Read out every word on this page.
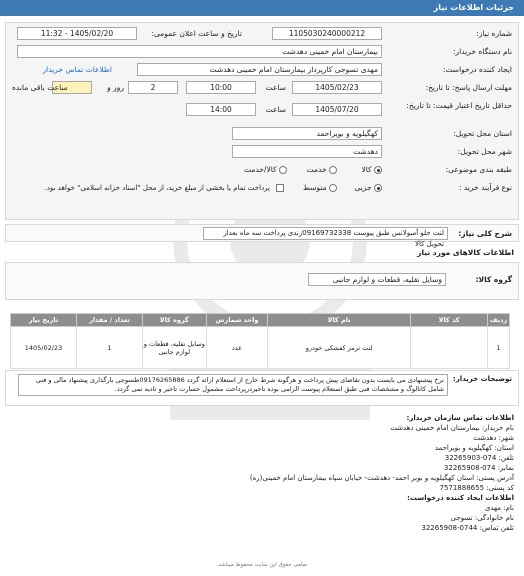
جزئیات اطلاعات نیاز
شماره نیاز:
1105030240000212
تاریخ و ساعت اعلان عمومی:
1405/02/20 - 11:32
نام دستگاه خریدار:
بیمارستان امام خمینی دهدشت
ایجاد کننده درخواست:
مهدی تسوجی کارپرداز بیمارستان امام خمینی دهدشت
اطلاعات تماس خریدار
مهلت ارسال پاسخ: تا تاریخ:
1405/02/23
ساعت
10:00
2
روز و
ساعت باقی مانده
حداقل تاریخ اعتبار قیمت: تا تاریخ:
1405/07/20
ساعت
14:00
استان محل تحویل:
کهگیلویه و بویراحمد
شهر محل تحویل:
دهدشت
طبقه بندی موضوعی:
کالا
خدمت
کالا/خدمت
نوع فرآیند خرید :
جزیی
متوسط
پرداخت تمام یا بخشی از مبلغ خرید، از محل "اسناد خزانه اسلامی" خواهد بود.
شرح کلی نیاز:
لنت جلو آمبولانس طبق پیوست 09169732338زندی پرداخت سه ماه بعداز تحویل کالا
اطلاعات کالاهای مورد نیاز
گروه کالا:
وسایل نقلیه، قطعات و لوازم جانبی
ردیف	کد کالا	نام کالا	واحد شمارش	گروه کالا	تعداد / مقدار	تاریخ نیاز
1		لنت ترمز کفشکی خودرو	عدد	وسایل نقلیه، قطعات و لوازم جانبی	1	1405/02/23
توضیحات خریدار:
نرخ پیشنهادی می بایست بدون تقاضای پیش پرداخت و هرگونه شرط خارج از استعلام ارائه گردد 09176265886طسوجی بارگذاری پیشنهاد مالی و فنی شامل کاتالوگ و مشخصات فنی طبق استعلام پیوست الزامی بوده تاخیردرپرداخت مشمول خسارت تاخیر و تادیه نمی گردد.

اطلاعات تماس سازمان خریدار:

نام خریدار: بیمارستان امام خمینی دهدشت

شهر: دهدشت

استان: کهگیلویه و بویراحمد

تلفن: 074-32265903

نمابر: 074-32265908

آدرس پستی: استان کهگیلویه و بویر احمد- دهدشت- خیابان سپاه بیمارستان امام خمینی(ره)

کد پستی: 7571888655

اطلاعات ایجاد کننده درخواست:

نام: مهدی

نام خانوادگی: تسوجی

تلفن تماس: 0744-32265908

تمامی حقوق این سایت محفوظ میباشد.
